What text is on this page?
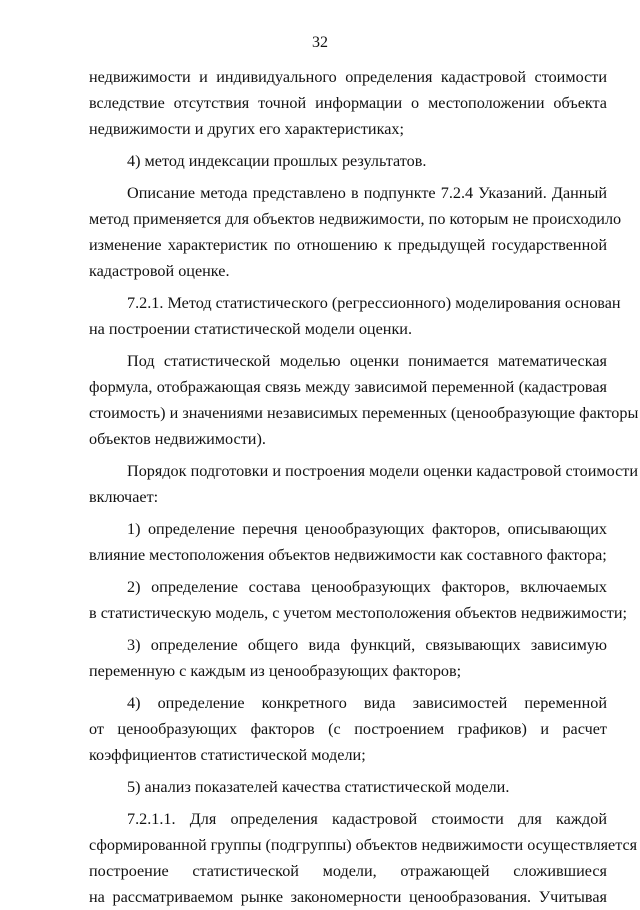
32
недвижимости и индивидуального определения кадастровой стоимости
вследствие отсутствия точной информации о местоположении объекта
недвижимости и других его характеристиках;
4) метод индексации прошлых результатов.
Описание метода представлено в подпункте 7.2.4 Указаний. Данный
метод применяется для объектов недвижимости, по которым не происходило
изменение характеристик по отношению к предыдущей государственной
кадастровой оценке.
7.2.1. Метод статистического (регрессионного) моделирования основан
на построении статистической модели оценки.
Под статистической моделью оценки понимается математическая
формула, отображающая связь между зависимой переменной (кадастровая
стоимость) и значениями независимых переменных (ценообразующие факторы
объектов недвижимости).
Порядок подготовки и построения модели оценки кадастровой стоимости
включает:
1) определение перечня ценообразующих факторов, описывающих
влияние местоположения объектов недвижимости как составного фактора;
2) определение состава ценообразующих факторов, включаемых
в статистическую модель, с учетом местоположения объектов недвижимости;
3) определение общего вида функций, связывающих зависимую
переменную с каждым из ценообразующих факторов;
4) определение конкретного вида зависимостей переменной
от ценообразующих факторов (с построением графиков) и расчет
коэффициентов статистической модели;
5) анализ показателей качества статистической модели.
7.2.1.1. Для определения кадастровой стоимости для каждой
сформированной группы (подгруппы) объектов недвижимости осуществляется
построение статистической модели, отражающей сложившиеся
на рассматриваемом рынке закономерности ценообразования. Учитывая
